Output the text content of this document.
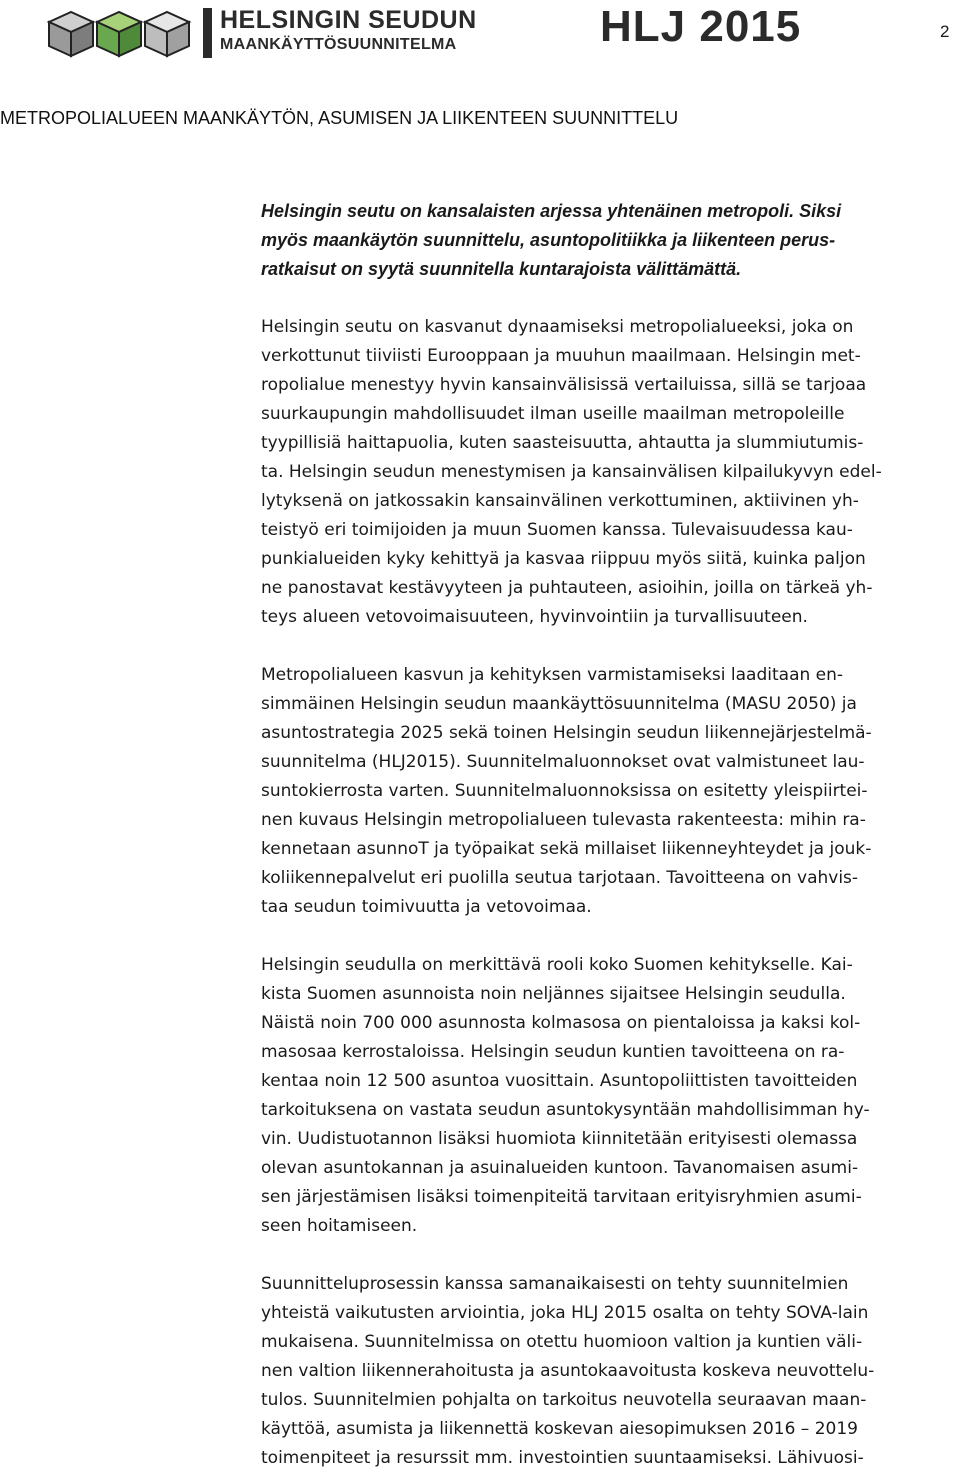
HELSINGIN SEUDUN
MAANKÄYTTÖSUUNNITELMA	HLJ 2015	2
METROPOLIALUEEN MAANKÄYTÖN, ASUMISEN JA LIIKENTEEN SUUNNITTELU

Helsingin seutu on kansalaisten arjessa yhtenäinen metropoli. Siksi

myös maankäytön suunnittelu, asuntopolitiikka ja liikenteen perus-

ratkaisut on syytä suunnitella kuntarajoista välittämättä.

Helsingin seutu on kasvanut dynaamiseksi metropolialueeksi, joka on

verkottunut tiiviisti Eurooppaan ja muuhun maailmaan. Helsingin met-

ropolialue menestyy hyvin kansainvälisissä vertailuissa, sillä se tarjoaa

suurkaupungin mahdollisuudet ilman useille maailman metropoleille

tyypillisiä haittapuolia, kuten saasteisuutta, ahtautta ja slummiutumis-

ta. Helsingin seudun menestymisen ja kansainvälisen kilpailukyvyn edel-

lytyksenä on jatkossakin kansainvälinen verkottuminen, aktiivinen yh-

teistyö eri toimijoiden ja muun Suomen kanssa. Tulevaisuudessa kau-

punkialueiden kyky kehittyä ja kasvaa riippuu myös siitä, kuinka paljon

ne panostavat kestävyyteen ja puhtauteen, asioihin, joilla on tärkeä yh-

teys alueen vetovoimaisuuteen, hyvinvointiin ja turvallisuuteen.

Metropolialueen kasvun ja kehityksen varmistamiseksi laaditaan en-

simmäinen Helsingin seudun maankäyttösuunnitelma (MASU 2050) ja

asuntostrategia 2025 sekä toinen Helsingin seudun liikennejärjestelmä-

suunnitelma (HLJ2015). Suunnitelmaluonnokset ovat valmistuneet lau-

suntokierrosta varten. Suunnitelmaluonnoksissa on esitetty yleispiirtei-

nen kuvaus Helsingin metropolialueen tulevasta rakenteesta: mihin ra-

kennetaan asunnoT ja työpaikat sekä millaiset liikenneyhteydet ja jouk-

koliikennepalvelut eri puolilla seutua tarjotaan. Tavoitteena on vahvis-

taa seudun toimivuutta ja vetovoimaa.

Helsingin seudulla on merkittävä rooli koko Suomen kehitykselle. Kai-

kista Suomen asunnoista noin neljännes sijaitsee Helsingin seudulla.

Näistä noin 700 000 asunnosta kolmasosa on pientaloissa ja kaksi kol-

masosaa kerrostaloissa. Helsingin seudun kuntien tavoitteena on ra-

kentaa noin 12 500 asuntoa vuosittain. Asuntopoliittisten tavoitteiden

tarkoituksena on vastata seudun asuntokysyntään mahdollisimman hy-

vin. Uudistuotannon lisäksi huomiota kiinnitetään erityisesti olemassa

olevan asuntokannan ja asuinalueiden kuntoon. Tavanomaisen asumi-

sen järjestämisen lisäksi toimenpiteitä tarvitaan erityisryhmien asumi-

seen hoitamiseen.

Suunnitteluprosessin kanssa samanaikaisesti on tehty suunnitelmien

yhteistä vaikutusten arviointia, joka HLJ 2015 osalta on tehty SOVA-lain

mukaisena. Suunnitelmissa on otettu huomioon valtion ja kuntien väli-

nen valtion liikennerahoitusta ja asuntokaavoitusta koskeva neuvottelu-

tulos. Suunnitelmien pohjalta on tarkoitus neuvotella seuraavan maan-

käyttöä, asumista ja liikennettä koskevan aiesopimuksen 2016 – 2019

toimenpiteet ja resurssit mm. investointien suuntaamiseksi. Lähivuosi-
